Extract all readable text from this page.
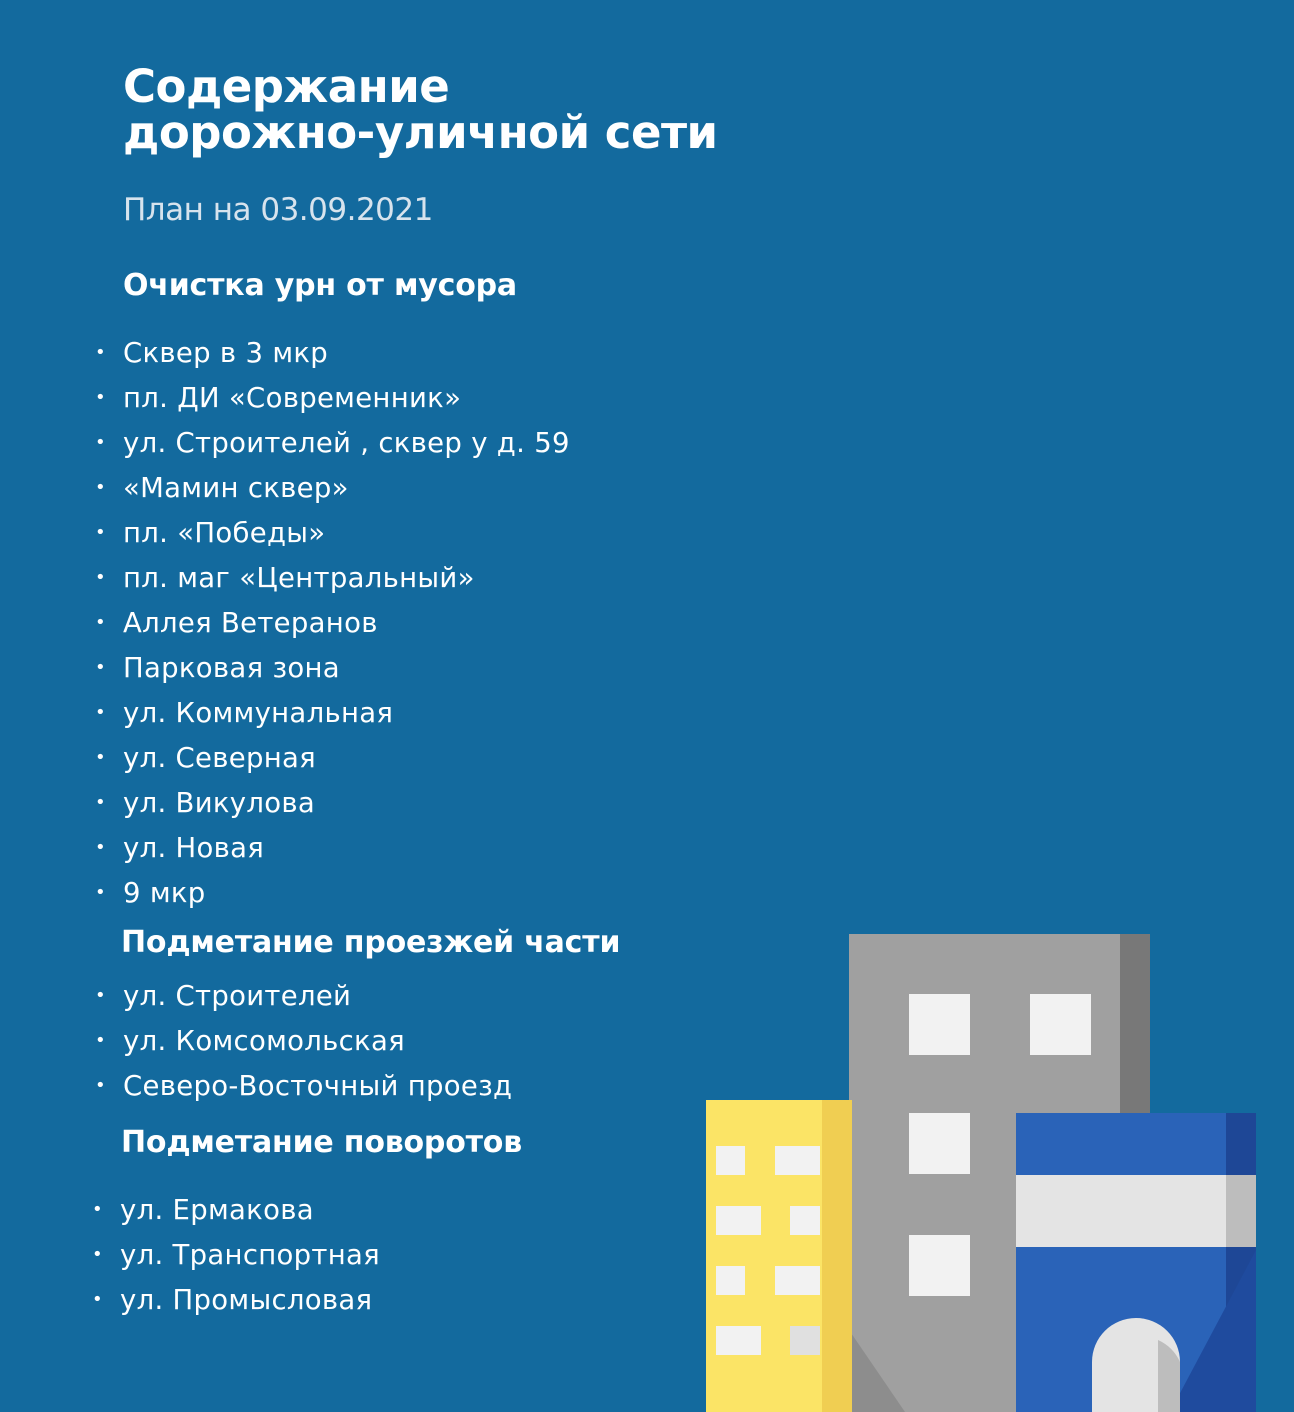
Содержание
дорожно-уличной сети

План на 03.09.2021

Очистка урн от мусора
• Сквер в 3 мкр
• пл. ДИ «Современник»
• ул. Строителей , сквер у д. 59
• «Мамин сквер»
• пл. «Победы»
• пл. маг «Центральный»
• Аллея Ветеранов
• Парковая зона
• ул. Коммунальная
• ул. Северная
• ул. Викулова
• ул. Новая
• 9 мкр
Подметание проезжей части
• ул. Строителей
• ул. Комсомольская
• Северо-Восточный проезд
Подметание поворотов
• ул. Ермакова
• ул. Транспортная
• ул. Промысловая
